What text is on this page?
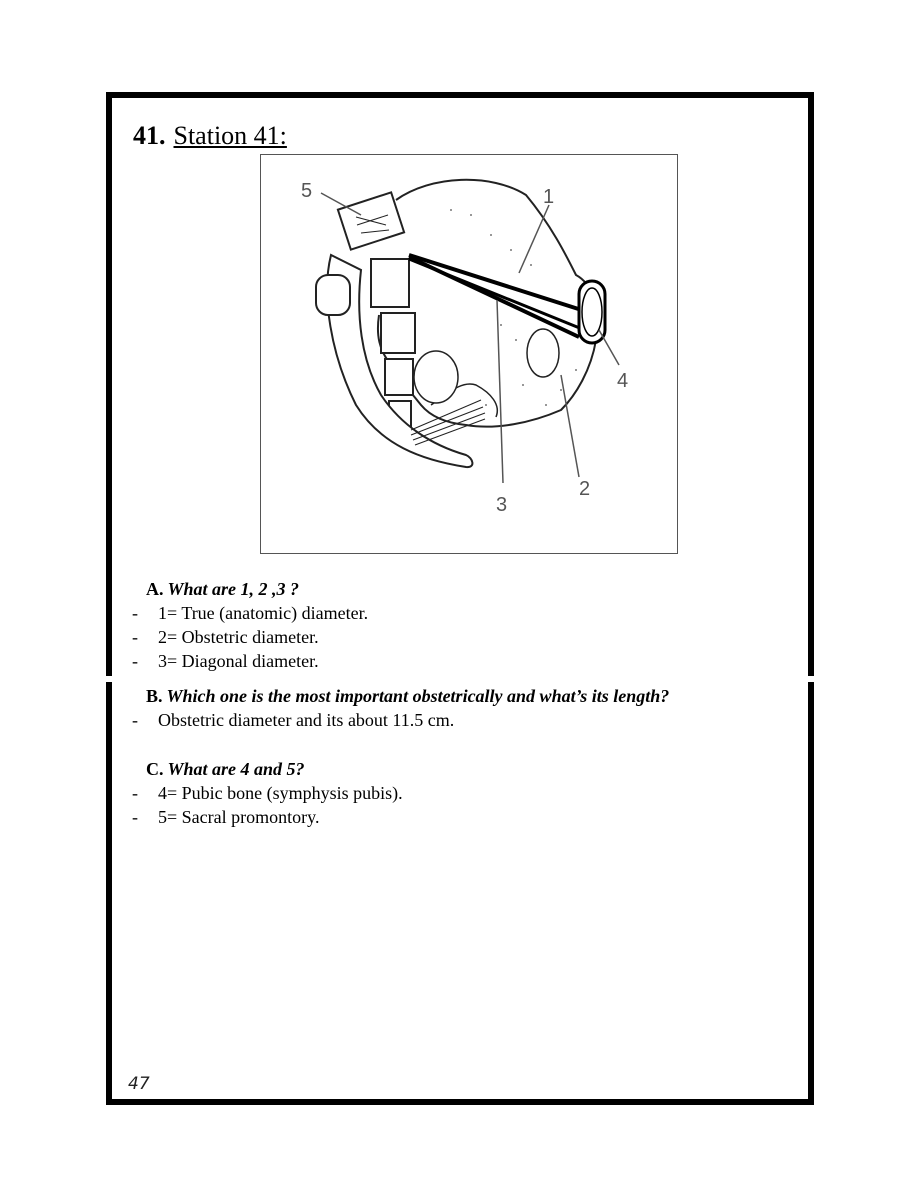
41. Station 41:
1
2
3
4
5
A. What are 1, 2 ,3 ?
- 1= True (anatomic) diameter.
- 2= Obstetric diameter.
- 3= Diagonal diameter.
B. Which one is the most important obstetrically and what’s its length?
- Obstetric diameter and its about 11.5 cm.
C. What are 4 and 5?
- 4= Pubic bone (symphysis pubis).
- 5= Sacral promontory.
47
